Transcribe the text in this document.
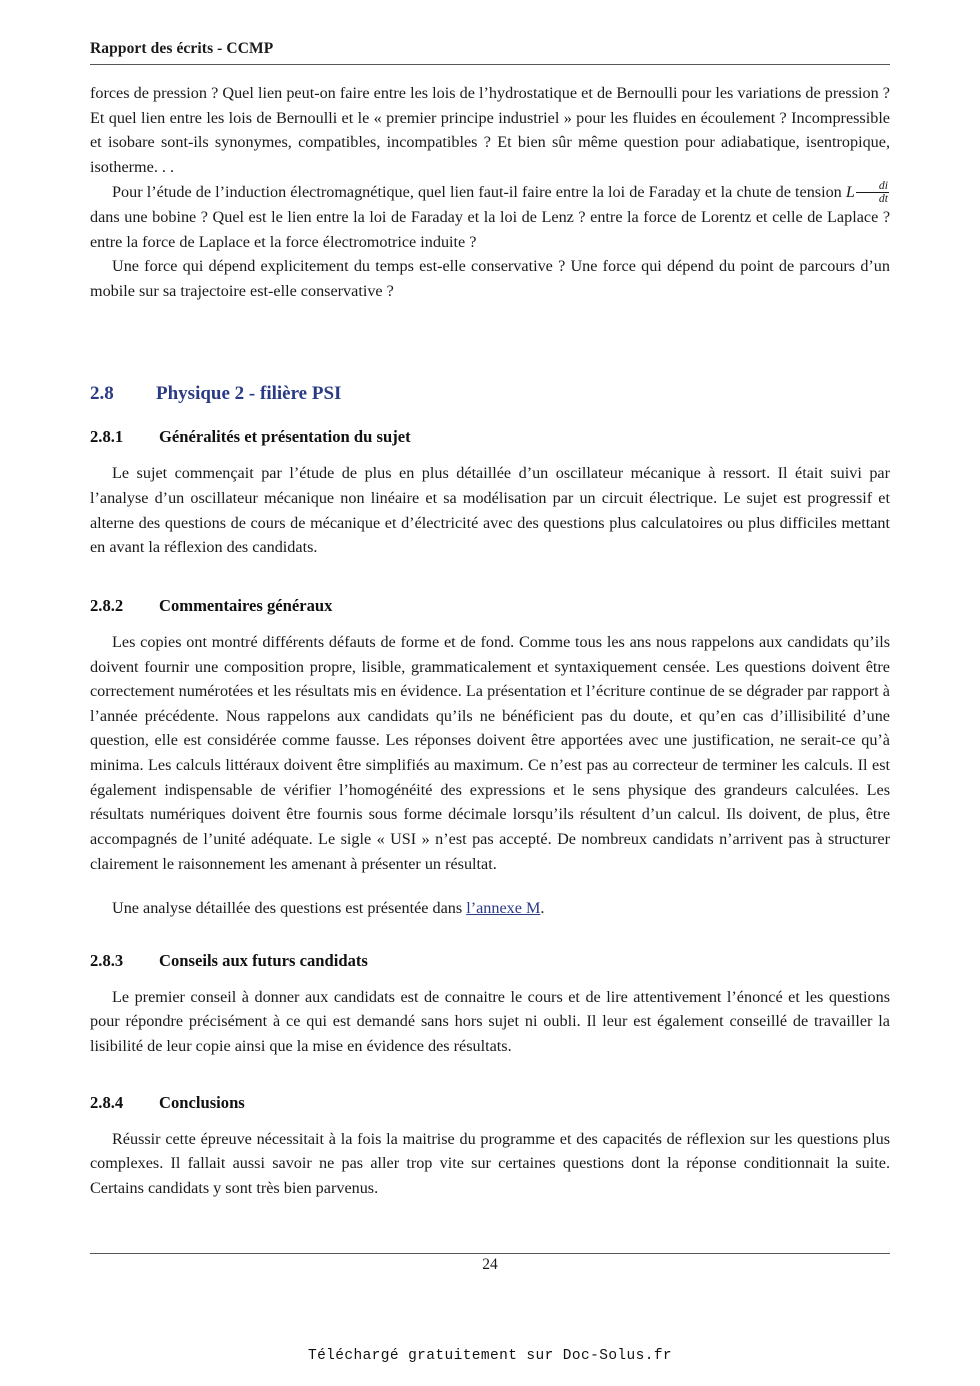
Rapport des écrits - CCMP

forces de pression ? Quel lien peut-on faire entre les lois de l’hydrostatique et de Bernoulli pour les variations de pression ? Et quel lien entre les lois de Bernoulli et le « premier principe industriel » pour les fluides en écoulement ? Incompressible et isobare sont-ils synonymes, compatibles, incompatibles ? Et bien sûr même question pour adiabatique, isentropique, isotherme. . .

Pour l’étude de l’induction électromagnétique, quel lien faut-il faire entre la loi de Faraday et la chute de tension L $\frac{di}{dt}$
dans une bobine ? Quel est le lien entre la loi de Faraday et la loi de Lenz ? entre la force de Lorentz et celle de Laplace ? entre la force de Laplace et la force électromotrice induite ?

Une force qui dépend explicitement du temps est-elle conservative ? Une force qui dépend du point de parcours d’un mobile sur sa trajectoire est-elle conservative ?

2.8	Physique 2 - filière PSI
2.8.1	Généralités et présentation du sujet

Le sujet commençait par l’étude de plus en plus détaillée d’un oscillateur mécanique à ressort. Il était suivi par l’analyse d’un oscillateur mécanique non linéaire et sa modélisation par un circuit électrique. Le sujet est progressif et alterne des questions de cours de mécanique et d’électricité avec des questions plus calculatoires ou plus difficiles mettant en avant la réflexion des candidats.

2.8.2	Commentaires généraux

Les copies ont montré différents défauts de forme et de fond. Comme tous les ans nous rappelons aux candidats qu’ils doivent fournir une composition propre, lisible, grammaticalement et syntaxiquement censée. Les questions doivent être correctement numérotées et les résultats mis en évidence. La présentation et l’écriture continue de se dégrader par rapport à l’année précédente. Nous rappelons aux candidats qu’ils ne bénéficient pas du doute, et qu’en cas d’illisibilité d’une question, elle est considérée comme fausse. Les réponses doivent être apportées avec une justification, ne serait-ce qu’à minima. Les calculs littéraux doivent être simplifiés au maximum. Ce n’est pas au correcteur de terminer les calculs. Il est également indispensable de vérifier l’homogénéité des expressions et le sens physique des grandeurs calculées. Les résultats numériques doivent être fournis sous forme décimale lorsqu’ils résultent d’un calcul. Ils doivent, de plus, être accompagnés de l’unité adéquate. Le sigle « USI » n’est pas accepté. De nombreux candidats n’arrivent pas à structurer clairement le raisonnement les amenant à présenter un résultat.

Une analyse détaillée des questions est présentée dans l’annexe M.

2.8.3	Conseils aux futurs candidats

Le premier conseil à donner aux candidats est de connaitre le cours et de lire attentivement l’énoncé et les questions pour répondre précisément à ce qui est demandé sans hors sujet ni oubli. Il leur est également conseillé de travailler la lisibilité de leur copie ainsi que la mise en évidence des résultats.

2.8.4	Conclusions

Réussir cette épreuve nécessitait à la fois la maitrise du programme et des capacités de réflexion sur les questions plus complexes. Il fallait aussi savoir ne pas aller trop vite sur certaines questions dont la réponse conditionnait la suite. Certains candidats y sont très bien parvenus.

24
Téléchargé gratuitement sur Doc-Solus.fr
